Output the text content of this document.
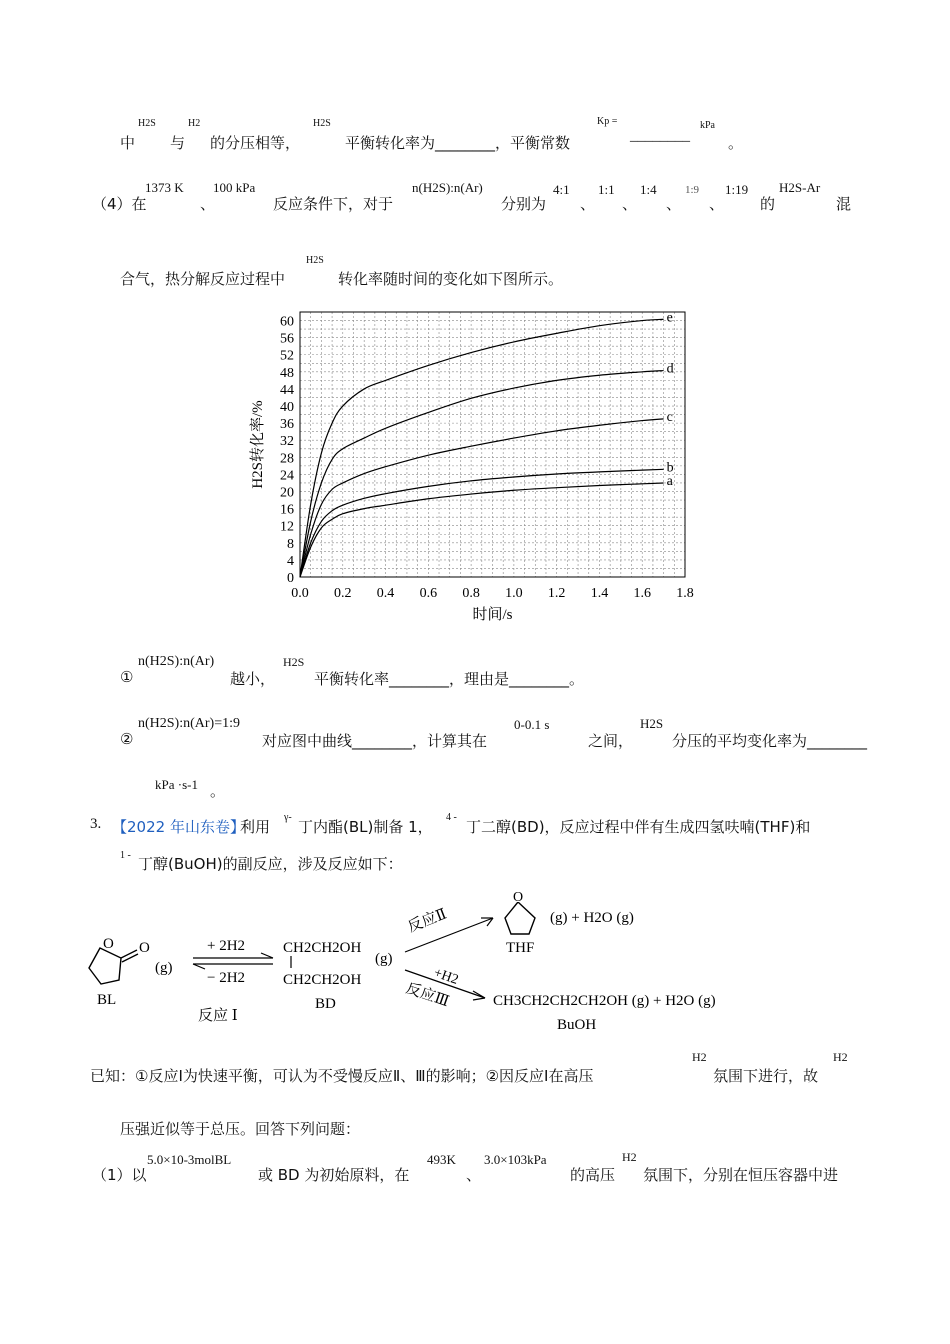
中
H2S
与
H2
的分压相等，
H2S
平衡转化率为________，平衡常数
Kp =
________
kPa
。
（4）在
1373 K
、
100 kPa
反应条件下，对于
n(H2S):n(Ar)
分别为
4:1
、
1:1
、
1:4
、
1:9
、
1:19
的
H2S-Ar
混
合气，热分解反应过程中
H2S
转化率随时间的变化如下图所示。
0
4
8
12
16
20
24
28
32
36
40
44
48
52
56
60
0.0 0.2 0.4 0.6 0.8 1.0 1.2 1.4 1.6 1.8
a
b
c
d
e
时间/s
H2S转化率/%
①
n(H2S):n(Ar)
越小，
H2S
平衡转化率________，理由是________。
②
n(H2S):n(Ar)=1:9
对应图中曲线________，计算其在
0-0.1 s
之间，
H2S
分压的平均变化率为________
kPa ·s-1 。
3. 【2022 年山东卷】
利用
γ-
丁内酯(BL)制备 1，
4 -
丁二醇(BD)，反应过程中伴有生成四氢呋喃(THF)和
1 - 丁醇(BuOH)的副反应，涉及反应如下：
O O
(g)
BL
+ 2H2
− 2H2
反应 Ⅰ
CH2CH2OH
CH2CH2OH
BD
(g)
反应Ⅱ
O
(g) + H2O (g)
THF
+H2
反应Ⅲ	CH3CH2CH2CH2OH (g) + H2O (g)
BuOH
已知：①反应Ⅰ为快速平衡，可认为不受慢反应Ⅱ、Ⅲ的影响；②因反应Ⅰ在高压
H2
氛围下进行，故
H2
压强近似等于总压。回答下列问题：
（1）以
5.0×10-3molBL
或 BD 为初始原料，在
493K
、
3.0×103kPa
的高压
H2
氛围下，分别在恒压容器中进
